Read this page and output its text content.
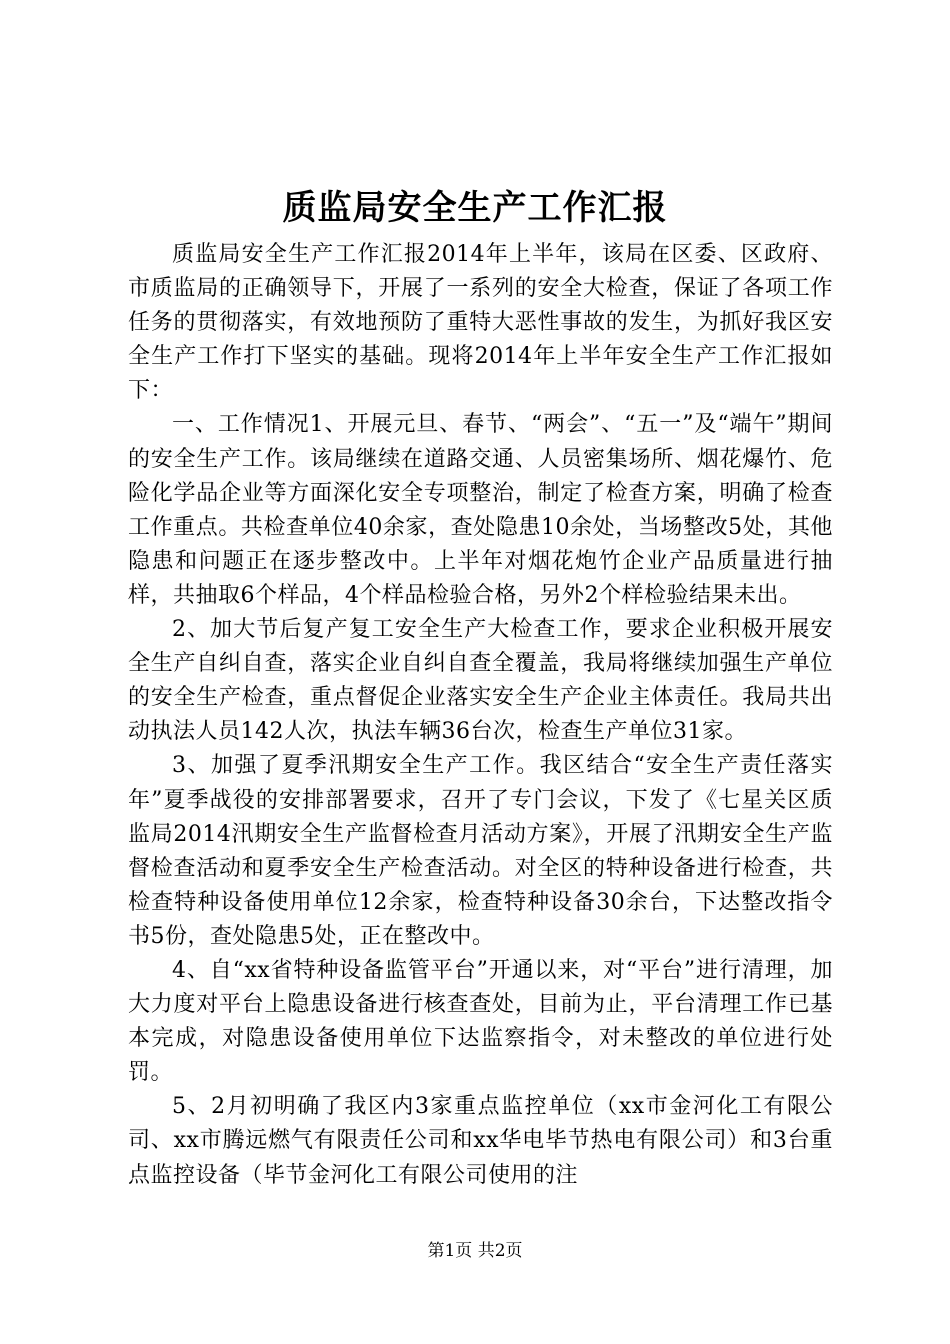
质监局安全生产工作汇报

质监局安全生产工作汇报2014年上半年，该局在区委、区政府、市质监局的正确领导下，开展了一系列的安全大检查，保证了各项工作任务的贯彻落实，有效地预防了重特大恶性事故的发生，为抓好我区安全生产工作打下坚实的基础。现将2014年上半年安全生产工作汇报如下：

一、工作情况1、开展元旦、春节、“两会”、“五一”及“端午”期间的安全生产工作。该局继续在道路交通、人员密集场所、烟花爆竹、危险化学品企业等方面深化安全专项整治，制定了检查方案，明确了检查工作重点。共检查单位40余家，查处隐患10余处，当场整改5处，其他隐患和问题正在逐步整改中。上半年对烟花炮竹企业产品质量进行抽样，共抽取6个样品，4个样品检验合格，另外2个样检验结果未出。

2、加大节后复产复工安全生产大检查工作，要求企业积极开展安全生产自纠自查，落实企业自纠自查全覆盖，我局将继续加强生产单位的安全生产检查，重点督促企业落实安全生产企业主体责任。我局共出动执法人员142人次，执法车辆36台次，检查生产单位31家。

3、加强了夏季汛期安全生产工作。我区结合“安全生产责任落实年”夏季战役的安排部署要求，召开了专门会议，下发了《七星关区质监局2014汛期安全生产监督检查月活动方案》，开展了汛期安全生产监督检查活动和夏季安全生产检查活动。对全区的特种设备进行检查，共检查特种设备使用单位12余家，检查特种设备30余台，下达整改指令书5份，查处隐患5处，正在整改中。

4、自“xx省特种设备监管平台”开通以来，对“平台”进行清理，加大力度对平台上隐患设备进行核查查处，目前为止，平台清理工作已基本完成，对隐患设备使用单位下达监察指令，对未整改的单位进行处罚。

5、2月初明确了我区内3家重点监控单位（xx市金河化工有限公司、xx市腾远燃气有限责任公司和xx华电毕节热电有限公司）和3台重点监控设备（毕节金河化工有限公司使用的注

第1页 共2页
